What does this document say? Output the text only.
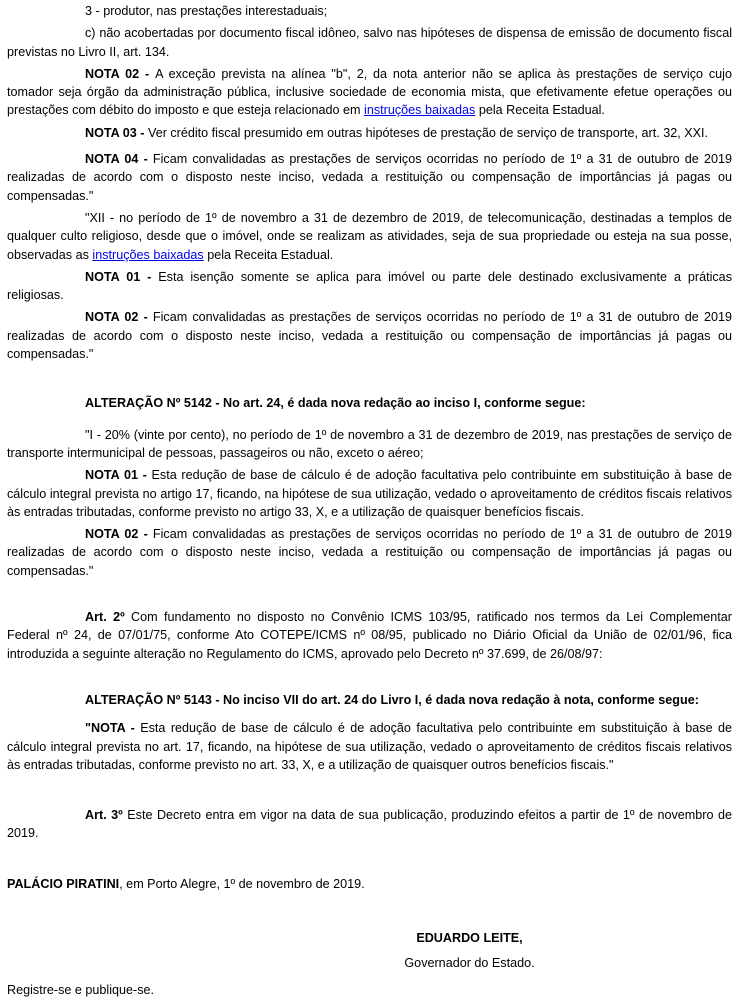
3 - produtor, nas prestações interestaduais;

c) não acobertadas por documento fiscal idôneo, salvo nas hipóteses de dispensa de emissão de documento fiscal previstas no Livro II, art. 134.

NOTA 02 - A exceção prevista na alínea "b", 2, da nota anterior não se aplica às prestações de serviço cujo tomador seja órgão da administração pública, inclusive sociedade de economia mista, que efetivamente efetue operações ou prestações com débito do imposto e que esteja relacionado em instruções baixadas pela Receita Estadual.

NOTA 03 - Ver crédito fiscal presumido em outras hipóteses de prestação de serviço de transporte, art. 32, XXI.

NOTA 04 - Ficam convalidadas as prestações de serviços ocorridas no período de 1º a 31 de outubro de 2019 realizadas de acordo com o disposto neste inciso, vedada a restituição ou compensação de importâncias já pagas ou compensadas."

"XII - no período de 1º de novembro a 31 de dezembro de 2019, de telecomunicação, destinadas a templos de qualquer culto religioso, desde que o imóvel, onde se realizam as atividades, seja de sua propriedade ou esteja na sua posse, observadas as instruções baixadas pela Receita Estadual.

NOTA 01 - Esta isenção somente se aplica para imóvel ou parte dele destinado exclusivamente a práticas religiosas.

NOTA 02 - Ficam convalidadas as prestações de serviços ocorridas no período de 1º a 31 de outubro de 2019 realizadas de acordo com o disposto neste inciso, vedada a restituição ou compensação de importâncias já pagas ou compensadas."

ALTERAÇÃO Nº 5142 - No art. 24, é dada nova redação ao inciso I, conforme segue:

"I - 20% (vinte por cento), no período de 1º de novembro a 31 de dezembro de 2019, nas prestações de serviço de transporte intermunicipal de pessoas, passageiros ou não, exceto o aéreo;

NOTA 01 - Esta redução de base de cálculo é de adoção facultativa pelo contribuinte em substituição à base de cálculo integral prevista no artigo 17, ficando, na hipótese de sua utilização, vedado o aproveitamento de créditos fiscais relativos às entradas tributadas, conforme previsto no artigo 33, X, e a utilização de quaisquer benefícios fiscais.

NOTA 02 - Ficam convalidadas as prestações de serviços ocorridas no período de 1º a 31 de outubro de 2019 realizadas de acordo com o disposto neste inciso, vedada a restituição ou compensação de importâncias já pagas ou compensadas."

Art. 2º Com fundamento no disposto no Convênio ICMS 103/95, ratificado nos termos da Lei Complementar Federal nº 24, de 07/01/75, conforme Ato COTEPE/ICMS nº 08/95, publicado no Diário Oficial da União de 02/01/96, fica introduzida a seguinte alteração no Regulamento do ICMS, aprovado pelo Decreto nº 37.699, de 26/08/97:

ALTERAÇÃO Nº 5143 - No inciso VII do art. 24 do Livro I, é dada nova redação à nota, conforme segue:

"NOTA - Esta redução de base de cálculo é de adoção facultativa pelo contribuinte em substituição à base de cálculo integral prevista no art. 17, ficando, na hipótese de sua utilização, vedado o aproveitamento de créditos fiscais relativos às entradas tributadas, conforme previsto no art. 33, X, e a utilização de quaisquer outros benefícios fiscais."

Art. 3º Este Decreto entra em vigor na data de sua publicação, produzindo efeitos a partir de 1º de novembro de 2019.

PALÁCIO PIRATINI, em Porto Alegre, 1º de novembro de 2019.

EDUARDO LEITE,

Governador do Estado.

Registre-se e publique-se.
